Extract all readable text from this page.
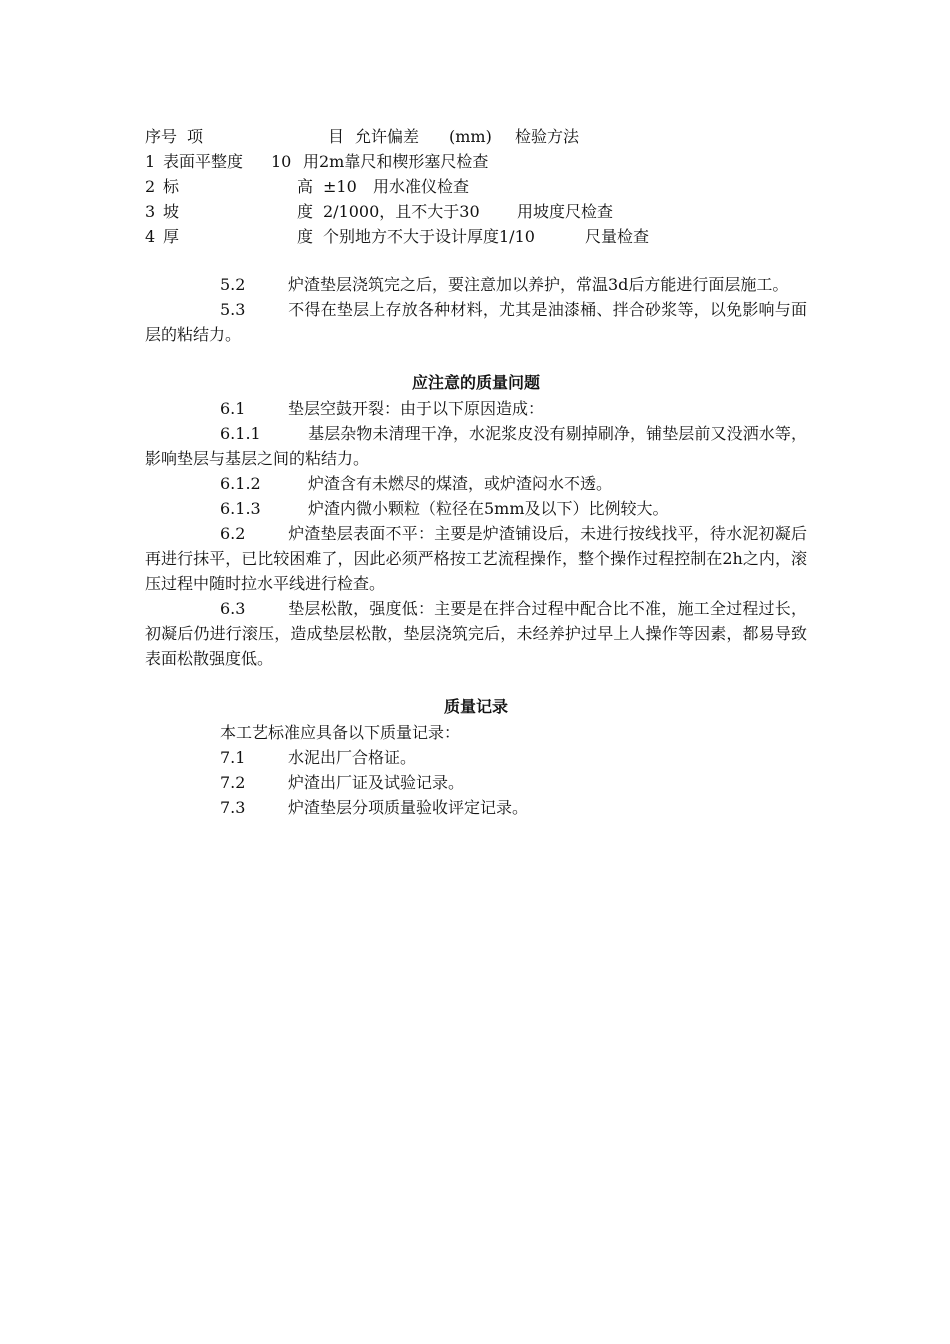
序号 项	目 允许偏差 (mm) 检验方法
1 表面平整度 10 用2m靠尺和楔形塞尺检查
2 标	高 ±10 用水准仪检查
3 坡	度 2/1000，且不大于30 用坡度尺检查
4 厚	度 个别地方不大于设计厚度1/10	尺量检查

5.2	炉渣垫层浇筑完之后，要注意加以养护，常温3d后方能进行面层施工。

5.3	不得在垫层上存放各种材料，尤其是油漆桶、拌合砂浆等，以免影响与面层的粘结力。

应注意的质量问题

6.1	垫层空鼓开裂：由于以下原因造成：

6.1.1	基层杂物未清理干净，水泥浆皮没有剔掉刷净，铺垫层前又没洒水等，影响垫层与基层之间的粘结力。

6.1.2	炉渣含有未燃尽的煤渣，或炉渣闷水不透。

6.1.3	炉渣内微小颗粒（粒径在5mm及以下）比例较大。

6.2	炉渣垫层表面不平：主要是炉渣铺设后，未进行按线找平，待水泥初凝后再进行抹平，已比较困难了，因此必须严格按工艺流程操作，整个操作过程控制在2h之内，滚压过程中随时拉水平线进行检查。

6.3	垫层松散，强度低：主要是在拌合过程中配合比不准，施工全过程过长，初凝后仍进行滚压，造成垫层松散，垫层浇筑完后，未经养护过早上人操作等因素，都易导致表面松散强度低。

质量记录

本工艺标准应具备以下质量记录：

7.1	水泥出厂合格证。

7.2	炉渣出厂证及试验记录。

7.3	炉渣垫层分项质量验收评定记录。
